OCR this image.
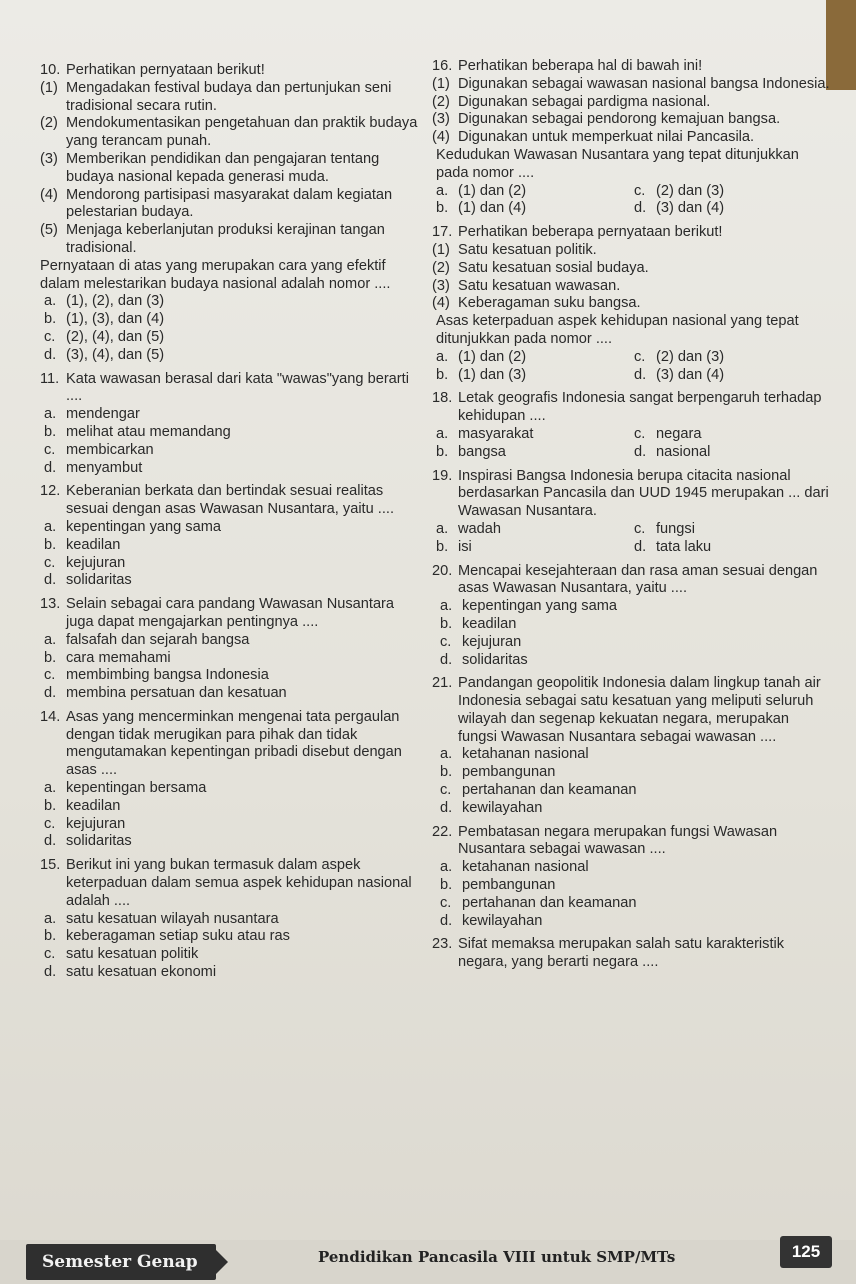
10. Perhatikan pernyataan berikut!
(1) Mengadakan festival budaya dan pertunjukan seni tradisional secara rutin.
(2) Mendokumentasikan pengetahuan dan praktik budaya yang terancam punah.
(3) Memberikan pendidikan dan pengajaran tentang budaya nasional kepada generasi muda.
(4) Mendorong partisipasi masyarakat dalam kegiatan pelestarian budaya.
(5) Menjaga keberlanjutan produksi kerajinan tangan tradisional.
Pernyataan di atas yang merupakan cara yang efektif dalam melestarikan budaya nasional adalah nomor ....
a. (1), (2), dan (3)
b. (1), (3), dan (4)
c. (2), (4), dan (5)
d. (3), (4), dan (5)
11. Kata wawasan berasal dari kata "wawas"yang berarti ....
a. mendengar
b. melihat atau memandang
c. membicarkan
d. menyambut
12. Keberanian berkata dan bertindak sesuai realitas sesuai dengan asas Wawasan Nusantara, yaitu ....
a. kepentingan yang sama
b. keadilan
c. kejujuran
d. solidaritas
13. Selain sebagai cara pandang Wawasan Nusantara juga dapat mengajarkan pentingnya ....
a. falsafah dan sejarah bangsa
b. cara memahami
c. membimbing bangsa Indonesia
d. membina persatuan dan kesatuan
14. Asas yang mencerminkan mengenai tata pergaulan dengan tidak merugikan para pihak dan tidak mengutamakan kepentingan pribadi disebut dengan asas ....
a. kepentingan bersama
b. keadilan
c. kejujuran
d. solidaritas
15. Berikut ini yang bukan termasuk dalam aspek keterpaduan dalam semua aspek kehidupan nasional adalah ....
a. satu kesatuan wilayah nusantara
b. keberagaman setiap suku atau ras
c. satu kesatuan politik
d. satu kesatuan ekonomi
16. Perhatikan beberapa hal di bawah ini!
(1) Digunakan sebagai wawasan nasional bangsa Indonesia.
(2) Digunakan sebagai pardigma nasional.
(3) Digunakan sebagai pendorong kemajuan bangsa.
(4) Digunakan untuk memperkuat nilai Pancasila.
Kedudukan Wawasan Nusantara yang tepat ditunjukkan pada nomor ....
a. (1) dan (2)	c. (2) dan (3)
b. (1) dan (4)	d. (3) dan (4)
17. Perhatikan beberapa pernyataan berikut!
(1) Satu kesatuan politik.
(2) Satu kesatuan sosial budaya.
(3) Satu kesatuan wawasan.
(4) Keberagaman suku bangsa.
Asas keterpaduan aspek kehidupan nasional yang tepat ditunjukkan pada nomor ....
a. (1) dan (2)	c. (2) dan (3)
b. (1) dan (3)	d. (3) dan (4)
18. Letak geografis Indonesia sangat berpengaruh terhadap kehidupan ....
a. masyarakat	c. negara
b. bangsa	d. nasional
19. Inspirasi Bangsa Indonesia berupa citacita nasional berdasarkan Pancasila dan UUD 1945 merupakan ... dari Wawasan Nusantara.
a. wadah	c. fungsi
b. isi	d. tata laku
20. Mencapai kesejahteraan dan rasa aman sesuai dengan asas Wawasan Nusantara, yaitu ....
a. kepentingan yang sama
b. keadilan
c. kejujuran
d. solidaritas
21. Pandangan geopolitik Indonesia dalam lingkup tanah air Indonesia sebagai satu kesatuan yang meliputi seluruh wilayah dan segenap kekuatan negara, merupakan fungsi Wawasan Nusantara sebagai wawasan ....
a. ketahanan nasional
b. pembangunan
c. pertahanan dan keamanan
d. kewilayahan
22. Pembatasan negara merupakan fungsi Wawasan Nusantara sebagai wawasan ....
a. ketahanan nasional
b. pembangunan
c. pertahanan dan keamanan
d. kewilayahan
23. Sifat memaksa merupakan salah satu karakteristik negara, yang berarti negara ....
Semester Genap	Pendidikan Pancasila VIII untuk SMP/MTs	125
